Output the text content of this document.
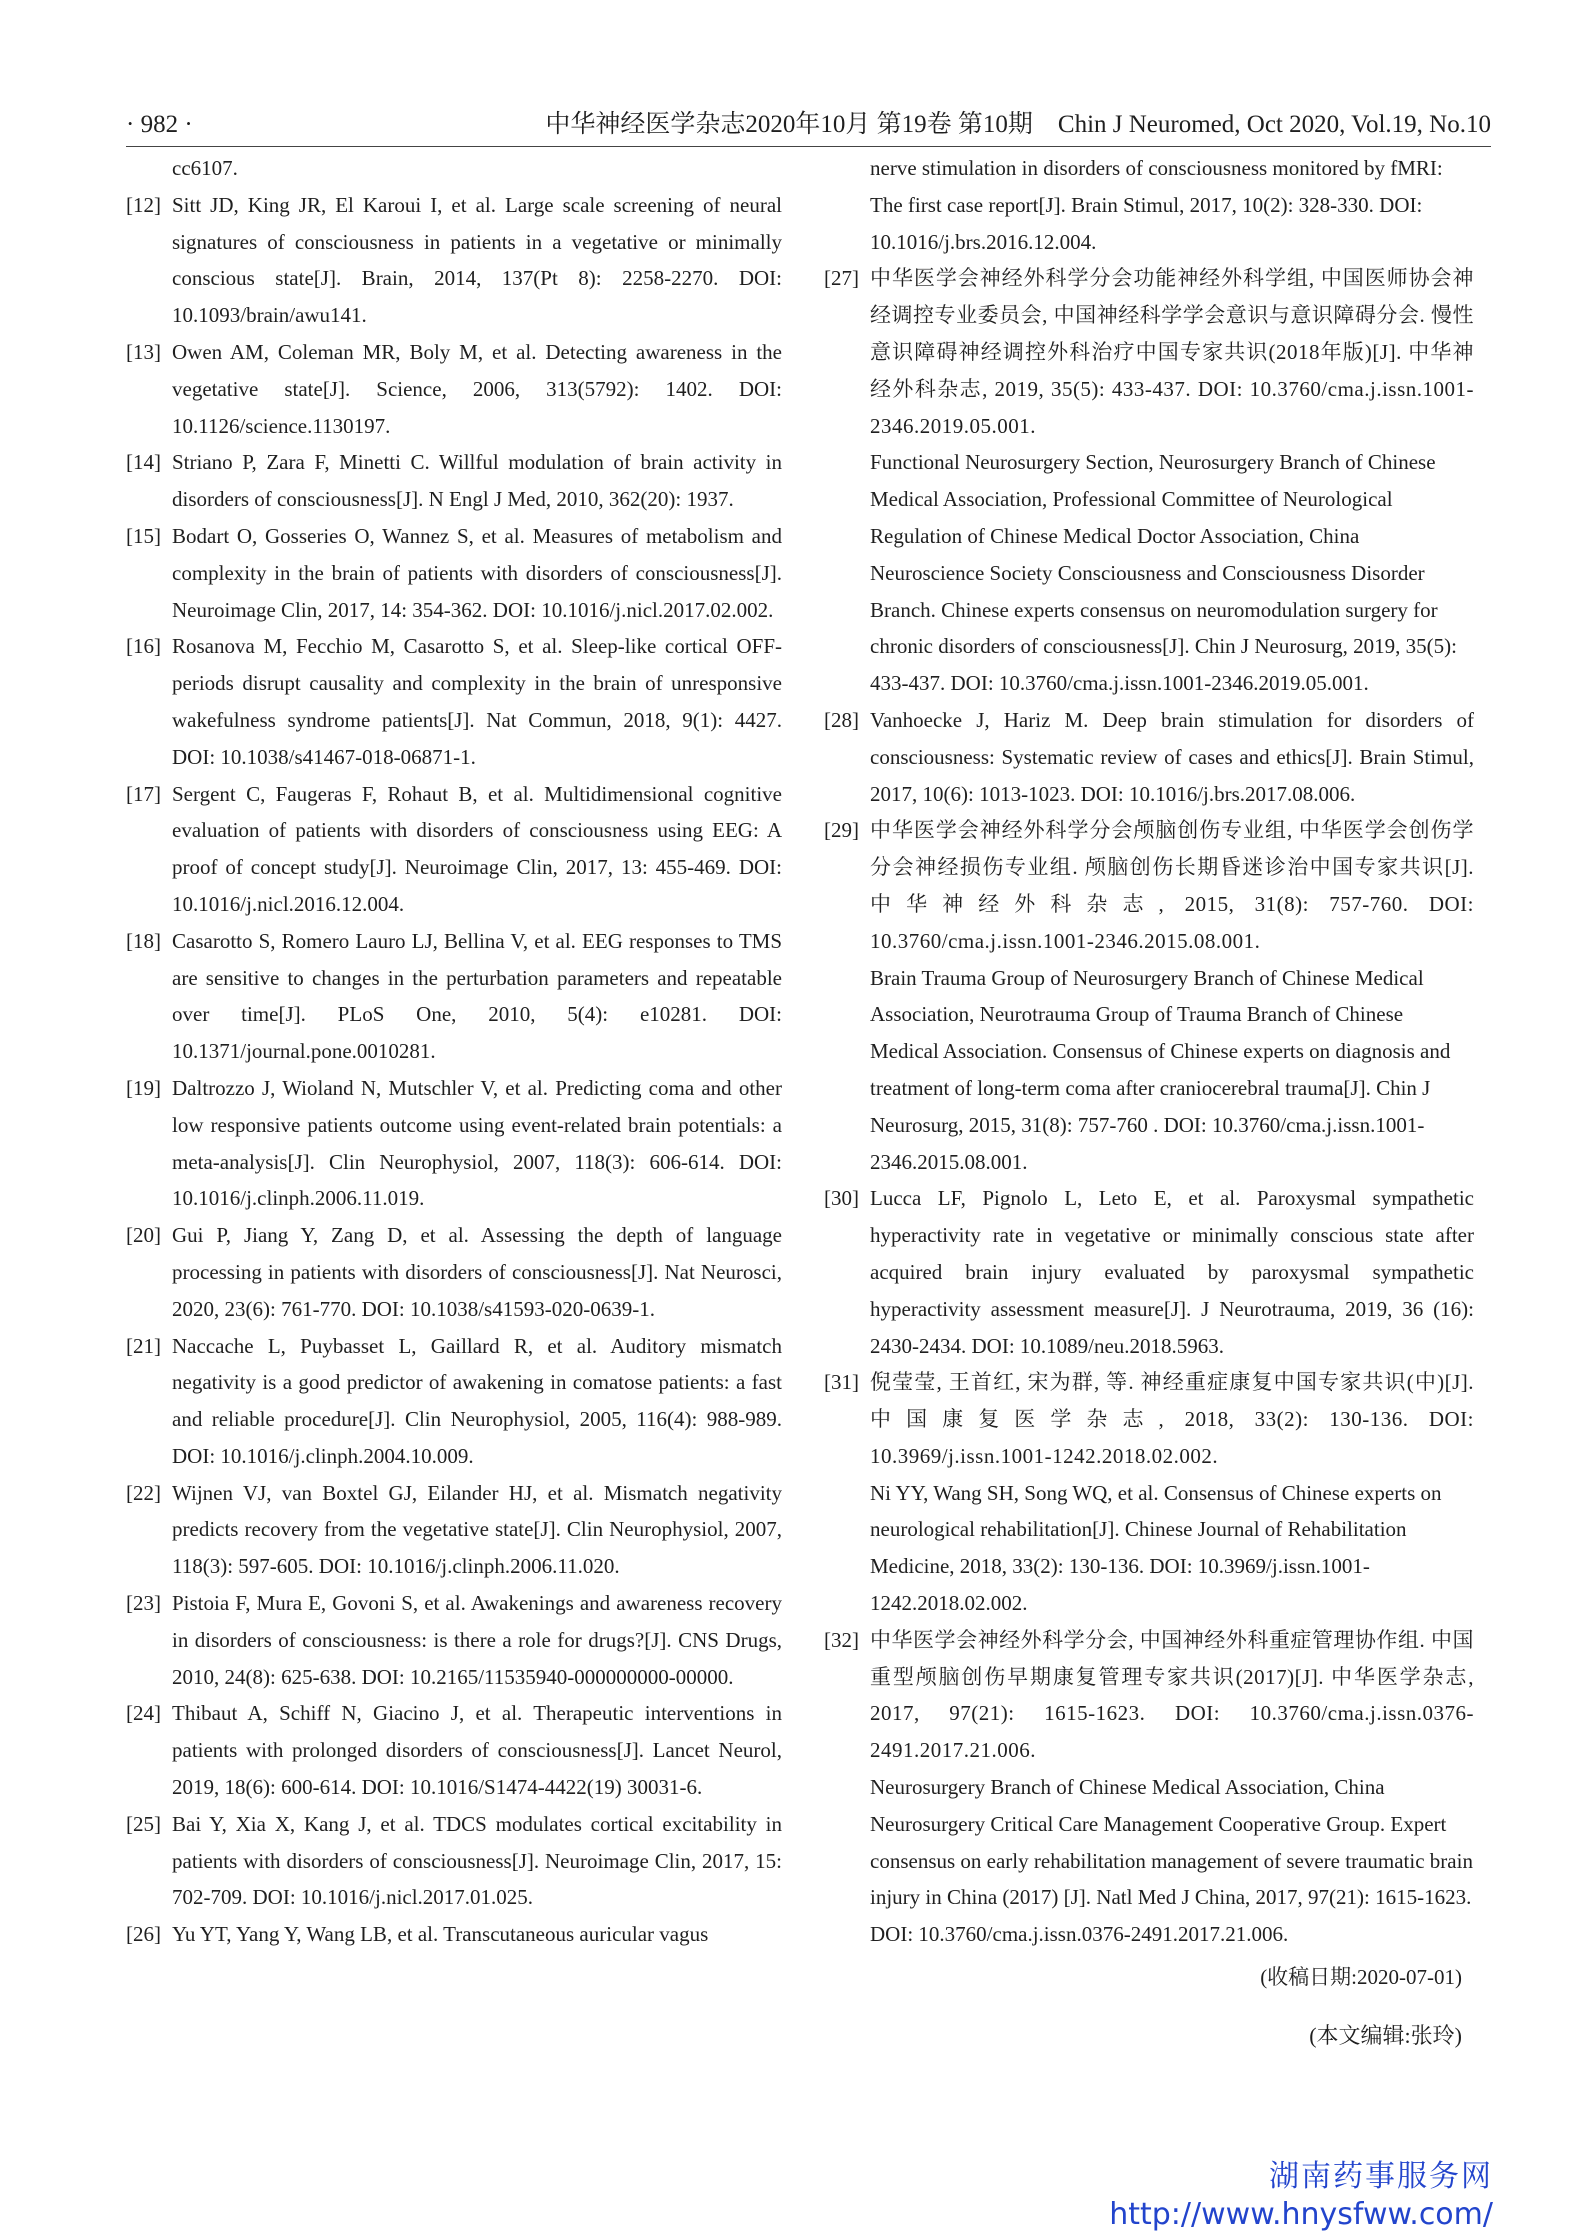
· 982 ·	中华神经医学杂志2020年10月 第19卷 第10期　Chin J Neuromed, Oct 2020, Vol.19, No.10

cc6107.

[12] Sitt JD, King JR, El Karoui I, et al. Large scale screening of neural signatures of consciousness in patients in a vegetative or minimally conscious state[J]. Brain, 2014, 137(Pt 8): 2258-2270. DOI: 10.1093/brain/awu141.

[13] Owen AM, Coleman MR, Boly M, et al. Detecting awareness in the vegetative state[J]. Science, 2006, 313(5792): 1402. DOI: 10.1126/science.1130197.

[14] Striano P, Zara F, Minetti C. Willful modulation of brain activity in disorders of consciousness[J]. N Engl J Med, 2010, 362(20): 1937.

[15] Bodart O, Gosseries O, Wannez S, et al. Measures of metabolism and complexity in the brain of patients with disorders of consciousness[J]. Neuroimage Clin, 2017, 14: 354-362. DOI: 10.1016/j.nicl.2017.02.002.

[16] Rosanova M, Fecchio M, Casarotto S, et al. Sleep-like cortical OFF-periods disrupt causality and complexity in the brain of unresponsive wakefulness syndrome patients[J]. Nat Commun, 2018, 9(1): 4427. DOI: 10.1038/s41467-018-06871-1.

[17] Sergent C, Faugeras F, Rohaut B, et al. Multidimensional cognitive evaluation of patients with disorders of consciousness using EEG: A proof of concept study[J]. Neuroimage Clin, 2017, 13: 455-469. DOI: 10.1016/j.nicl.2016.12.004.

[18] Casarotto S, Romero Lauro LJ, Bellina V, et al. EEG responses to TMS are sensitive to changes in the perturbation parameters and repeatable over time[J]. PLoS One, 2010, 5(4): e10281. DOI: 10.1371/journal.pone.0010281.

[19] Daltrozzo J, Wioland N, Mutschler V, et al. Predicting coma and other low responsive patients outcome using event-related brain potentials: a meta-analysis[J]. Clin Neurophysiol, 2007, 118(3): 606-614. DOI: 10.1016/j.clinph.2006.11.019.

[20] Gui P, Jiang Y, Zang D, et al. Assessing the depth of language processing in patients with disorders of consciousness[J]. Nat Neurosci, 2020, 23(6): 761-770. DOI: 10.1038/s41593-020-0639-1.

[21] Naccache L, Puybasset L, Gaillard R, et al. Auditory mismatch negativity is a good predictor of awakening in comatose patients: a fast and reliable procedure[J]. Clin Neurophysiol, 2005, 116(4): 988-989. DOI: 10.1016/j.clinph.2004.10.009.

[22] Wijnen VJ, van Boxtel GJ, Eilander HJ, et al. Mismatch negativity predicts recovery from the vegetative state[J]. Clin Neurophysiol, 2007, 118(3): 597-605. DOI: 10.1016/j.clinph.2006.11.020.

[23] Pistoia F, Mura E, Govoni S, et al. Awakenings and awareness recovery in disorders of consciousness: is there a role for drugs?[J]. CNS Drugs, 2010, 24(8): 625-638. DOI: 10.2165/11535940-000000000-00000.

[24] Thibaut A, Schiff N, Giacino J, et al. Therapeutic interventions in patients with prolonged disorders of consciousness[J]. Lancet Neurol, 2019, 18(6): 600-614. DOI: 10.1016/S1474-4422(19) 30031-6.

[25] Bai Y, Xia X, Kang J, et al. TDCS modulates cortical excitability in patients with disorders of consciousness[J]. Neuroimage Clin, 2017, 15: 702-709. DOI: 10.1016/j.nicl.2017.01.025.

[26] Yu YT, Yang Y, Wang LB, et al. Transcutaneous auricular vagus

nerve stimulation in disorders of consciousness monitored by fMRI: The first case report[J]. Brain Stimul, 2017, 10(2): 328-330. DOI: 10.1016/j.brs.2016.12.004.

[27] 中华医学会神经外科学分会功能神经外科学组, 中国医师协会神经调控专业委员会, 中国神经科学学会意识与意识障碍分会. 慢性意识障碍神经调控外科治疗中国专家共识(2018年版)[J]. 中华神经外科杂志, 2019, 35(5): 433-437. DOI: 10.3760/cma.j.issn.1001-2346.2019.05.001.

Functional Neurosurgery Section, Neurosurgery Branch of Chinese Medical Association, Professional Committee of Neurological Regulation of Chinese Medical Doctor Association, China Neuroscience Society Consciousness and Consciousness Disorder Branch. Chinese experts consensus on neuromodulation surgery for chronic disorders of consciousness[J]. Chin J Neurosurg, 2019, 35(5): 433-437. DOI: 10.3760/cma.j.issn.1001-2346.2019.05.001.

[28] Vanhoecke J, Hariz M. Deep brain stimulation for disorders of consciousness: Systematic review of cases and ethics[J]. Brain Stimul, 2017, 10(6): 1013-1023. DOI: 10.1016/j.brs.2017.08.006.

[29] 中华医学会神经外科学分会颅脑创伤专业组, 中华医学会创伤学分会神经损伤专业组. 颅脑创伤长期昏迷诊治中国专家共识[J]. 中华神经外科杂志, 2015, 31(8): 757-760. DOI: 10.3760/cma.j.issn.1001-2346.2015.08.001.

Brain Trauma Group of Neurosurgery Branch of Chinese Medical Association, Neurotrauma Group of Trauma Branch of Chinese Medical Association. Consensus of Chinese experts on diagnosis and treatment of long-term coma after craniocerebral trauma[J]. Chin J Neurosurg, 2015, 31(8): 757-760 . DOI: 10.3760/cma.j.issn.1001-2346.2015.08.001.

[30] Lucca LF, Pignolo L, Leto E, et al. Paroxysmal sympathetic hyperactivity rate in vegetative or minimally conscious state after acquired brain injury evaluated by paroxysmal sympathetic hyperactivity assessment measure[J]. J Neurotrauma, 2019, 36 (16): 2430-2434. DOI: 10.1089/neu.2018.5963.

[31] 倪莹莹, 王首红, 宋为群, 等. 神经重症康复中国专家共识(中)[J]. 中国康复医学杂志, 2018, 33(2): 130-136. DOI: 10.3969/j.issn.1001-1242.2018.02.002.

Ni YY, Wang SH, Song WQ, et al. Consensus of Chinese experts on neurological rehabilitation[J]. Chinese Journal of Rehabilitation Medicine, 2018, 33(2): 130-136. DOI: 10.3969/j.issn.1001-1242.2018.02.002.

[32] 中华医学会神经外科学分会, 中国神经外科重症管理协作组. 中国重型颅脑创伤早期康复管理专家共识(2017)[J]. 中华医学杂志, 2017, 97(21): 1615-1623. DOI: 10.3760/cma.j.issn.0376-2491.2017.21.006.

Neurosurgery Branch of Chinese Medical Association, China Neurosurgery Critical Care Management Cooperative Group. Expert consensus on early rehabilitation management of severe traumatic brain injury in China (2017) [J]. Natl Med J China, 2017, 97(21): 1615-1623. DOI: 10.3760/cma.j.issn.0376-2491.2017.21.006.

(收稿日期:2020-07-01)

(本文编辑:张玲)

湖南药事服务网
http://www.hnysfww.com/
